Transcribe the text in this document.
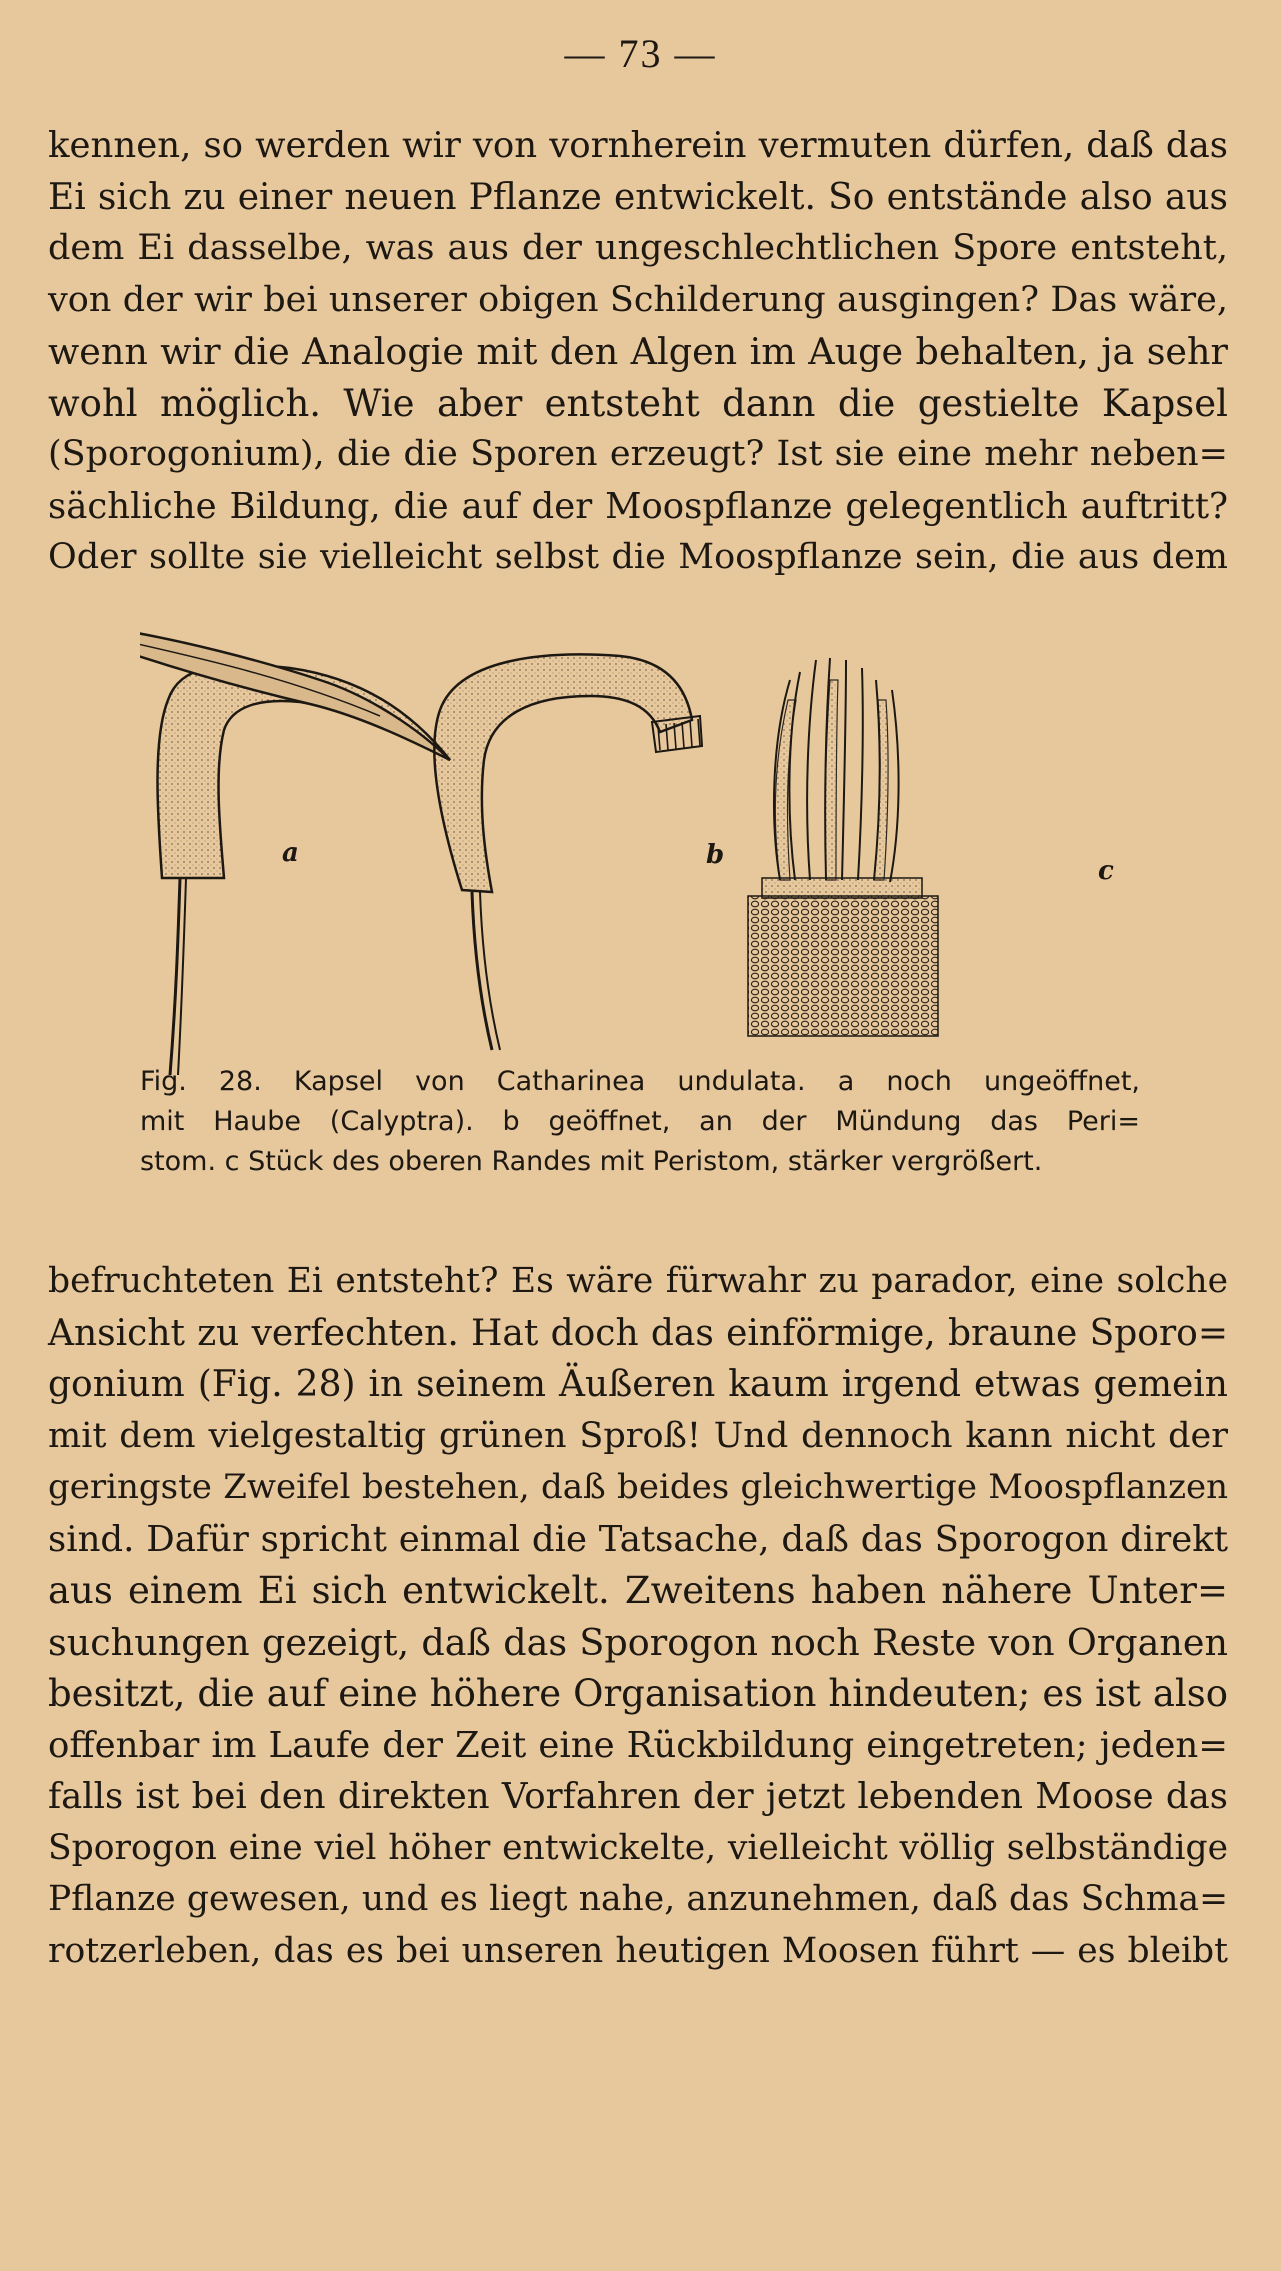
— 73 —
kennen, so werden wir von vornherein vermuten dürfen, daß das
Ei sich zu einer neuen Pflanze entwickelt. So entstände also aus
dem Ei dasselbe, was aus der ungeschlechtlichen Spore entsteht,
von der wir bei unserer obigen Schilderung ausgingen? Das wäre,
wenn wir die Analogie mit den Algen im Auge behalten, ja sehr
wohl möglich. Wie aber entsteht dann die gestielte Kapsel
(Sporogonium), die die Sporen erzeugt? Ist sie eine mehr neben=
sächliche Bildung, die auf der Moospflanze gelegentlich auftritt?
Oder sollte sie vielleicht selbst die Moospflanze sein, die aus dem
a	b
c
Fig. 28. Kapsel von Catharinea undulata. a noch ungeöffnet,
mit Haube (Calyptra). b geöffnet, an der Mündung das Peri=
stom. c Stück des oberen Randes mit Peristom, stärker vergrößert.
befruchteten Ei entsteht? Es wäre fürwahr zu parador, eine solche
Ansicht zu verfechten. Hat doch das einförmige, braune Sporo=
gonium (Fig. 28) in seinem Äußeren kaum irgend etwas gemein
mit dem vielgestaltig grünen Sproß! Und dennoch kann nicht der
geringste Zweifel bestehen, daß beides gleichwertige Moospflanzen
sind. Dafür spricht einmal die Tatsache, daß das Sporogon direkt
aus einem Ei sich entwickelt. Zweitens haben nähere Unter=
suchungen gezeigt, daß das Sporogon noch Reste von Organen
besitzt, die auf eine höhere Organisation hindeuten; es ist also
offenbar im Laufe der Zeit eine Rückbildung eingetreten; jeden=
falls ist bei den direkten Vorfahren der jetzt lebenden Moose das
Sporogon eine viel höher entwickelte, vielleicht völlig selbständige
Pflanze gewesen, und es liegt nahe, anzunehmen, daß das Schma=
rotzerleben, das es bei unseren heutigen Moosen führt — es bleibt
